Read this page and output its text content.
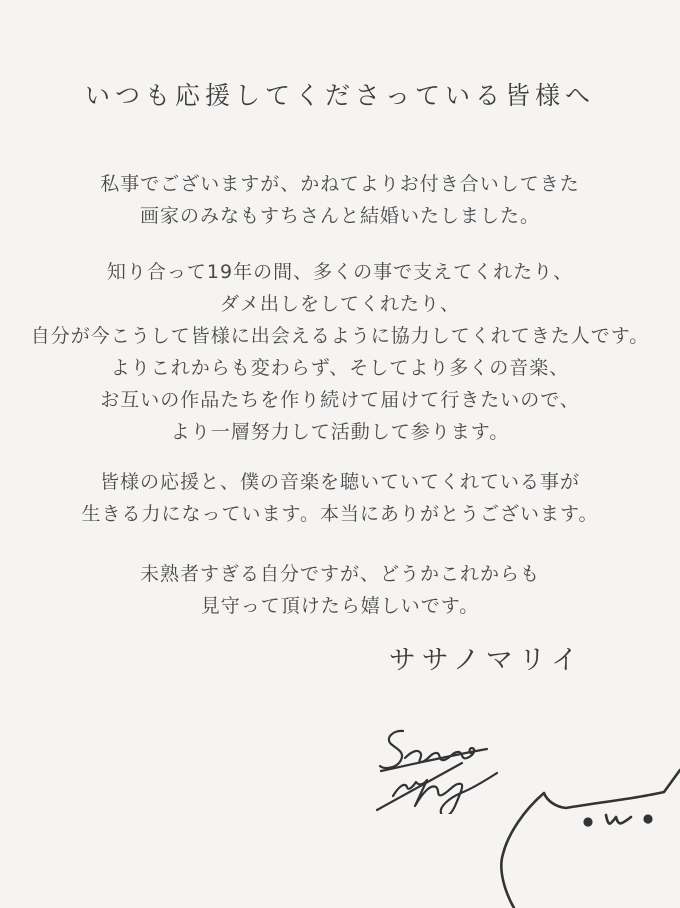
いつも応援してくださっている皆様へ

私事でございますが、かねてよりお付き合いしてきた
画家のみなもすちさんと結婚いたしました。

知り合って19年の間、多くの事で支えてくれたり、
ダメ出しをしてくれたり、
自分が今こうして皆様に出会えるように協力してくれてきた人です。
よりこれからも変わらず、そしてより多くの音楽、
お互いの作品たちを作り続けて届けて行きたいので、
より一層努力して活動して参ります。

皆様の応援と、僕の音楽を聴いていてくれている事が
生きる力になっています。本当にありがとうございます。

未熟者すぎる自分ですが、どうかこれからも
見守って頂けたら嬉しいです。

ササノマリイ
